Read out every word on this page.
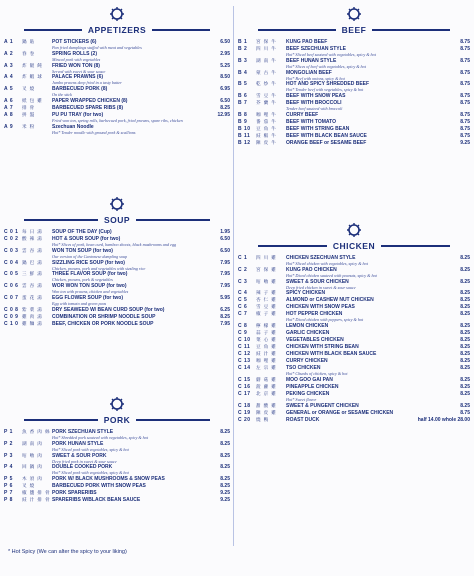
APPETIZERS
A 1	鍋 貼	POT STICKERS (6)	6.50
Pan fried dumplings stuffed with meat and vegetables
A 2	春 卷	SPRING ROLLS (2)	2.95
Minced pork with vegetables
A 3	炸 餛 飩	FRIED WON TON (8)	5.25
Served with sweet & sour sauce
A 4	炸 蝦 球	PALACE PRAWNS (6)	8.50
Jumbo prawns deep fried in a tasty batter
A 5	叉 燒	BARBECUED PORK (8)	6.95
On the stick
A 6	紙 包 雞	PAPER WRAPPED CHICKEN (8)	6.50
A 7	排 骨	BARBECUED SPARE RIBS (8)	8.25
A 8	拼 盤	PU PU TRAY (for two)	12.95
Fried won ton, spring rolls, barbecued pork, fried prawns, spare ribs, chicken
A 9	米 粉	Szechuan Noodle
Hot* Tender noodle with ground pork & scallions
SOUP
C 0 1 每 日 湯	SOUP OF THE DAY (Cup)	1.95
C 0 2 酸 辣 湯	HOT & SOUR SOUP (for two)	6.50
Hot* Slices of pork, bean curd, bamboo shoots, black mushrooms and egg
C 0 3 雲 吞 湯	WON TON SOUP (for two)	6.50
Our version of the Cantonese dumpling soup
C 0 4 鍋 巴 湯	SIZZLING RICE SOUP (for two)	7.95
Chicken, prawns, pork and vegetables with sizzling rice
C 0 5 三 鮮 湯	THREE FLAVOR SOUP (for two)	7.95
Chicken, prawns, pork & vegetables
C 0 6 雲 吞 湯	WOR WON TON SOUP (for two)	7.95
Won ton with prawns, chicken and vegetables
C 0 7 蛋 花 湯	EGG FLOWER SOUP (for two)	5.95
Egg with tomato and green peas
C 0 8 紫 菜 湯	DRY SEAWEED W/ BEAN CURD SOUP (for two)	6.25
C 0 9 雞 肉 湯	COMBINATION OR SHRIMP NOODLE SOUP	8.25
C 1 0 雞 麵 湯	BEEF, CHICKEN OR PORK NOODLE SOUP	7.95
PORK
P 1	魚 香 肉 絲 PORK SZECHUAN STYLE	8.25
Hot* Shredded pork sauteed with vegetables, spicy & hot
P 2	湖 南 肉	PORK HUNAN STYLE	8.25
Hot* Sliced pork with vegetables, spicy & hot
P 3	咕 嚕 肉	SWEET & SOUR PORK	8.25
Deep fried pork in sweet & sour sauce
P 4	回 鍋 肉	DOUBLE COOKED PORK	8.25
Hot* Sliced pork with vegetables, spicy & hot
P 5	木 須 肉	PORK W/ BLACK MUSHROOMS & SNOW PEAS	8.25
P 6	叉 燒	BARBECUED PORK WITH SNOW PEAS	8.25
P 7	椒 鹽 排 骨 PORK SPARERIBS	9.25
P 8	豉 汁 排 骨 SPARERIBS W/BLACK BEAN SAUCE	9.25
BEEF
B 1	宮 保 牛	KUNG PAO BEEF	8.75
B 2	四 川 牛	BEEF SZECHUAN STYLE	8.75
Hot* Sliced beef sauteed with vegetables, spicy & hot
B 3	湖 南 牛	BEEF HUNAN STYLE	8.75
Hot* Slices of beef with vegetables, spicy & hot
B 4	蒙 古 牛	MONGOLIAN BEEF	8.75
Hot* Beef with onions, spicy & hot
B 5	乾 炒 牛	HOT AND SPICY SHREDDED BEEF	8.75
Hot* Tender beef with vegetables, spicy & hot
B 6	雪 豆 牛	BEEF WITH SNOW PEAS	8.75
B 7	芥 蘭 牛	BEEF WITH BROCCOLI	8.75
Tender beef sauteed with broccoli
B 8	咖 哩 牛	CURRY BEEF	8.75
B 9	番 茄 牛	BEEF WITH TOMATO	8.75
B 10	豆 角 牛	BEEF WITH STRING BEAN	8.75
B 11	豉 椒 牛	BEEF WITH BLACK BEAN SAUCE	8.75
B 12	陳 皮 牛	ORANGE BEEF or SESAME BEEF	9.25
CHICKEN
C 1	四 川 雞	CHICKEN SZECHUAN STYLE	8.25
Hot* Sliced chicken with vegetables, spicy & hot
C 2	宮 保 雞	KUNG PAO CHICKEN	8.25
Hot* Diced chicken sauteed with peanuts, spicy & hot
C 3	咕 嚕 雞	SWEET & SOUR CHICKEN	8.25
Deep fried chicken in sweet & sour sauce
C 4	辣 子 雞	SPICY CHICKEN	8.25
C 5	杏 仁 雞	ALMOND or CASHEW NUT CHICKEN	8.25
C 6	雪 豆 雞	CHICKEN WITH SNOW PEAS	8.25
C 7	椒 子 雞	HOT PEPPER CHICKEN	8.25
Hot* Diced chicken with peppers, spicy & hot
C 8	檸 檬 雞	LEMON CHICKEN	8.25
C 9	蒜 子 雞	GARLIC CHICKEN	8.25
C 10	菜 心 雞	VEGETABLES CHICKEN	8.25
C 11	豆 角 雞	CHICKEN WITH STRING BEAN	8.25
C 12	豉 汁 雞	CHICKEN WITH BLACK BEAN SAUCE	8.25
C 13	咖 哩 雞	CURRY CHICKEN	8.25
C 14	左 宗 雞	TSO CHICKEN	8.25
Hot* Chunks of chicken, spicy & hot
C 15	蘑 菇 雞	MOO GOO GAI PAN	8.25
C 16	菠 蘿 雞	PINEAPPLE CHICKEN	8.25
C 17	北 京 雞	PEKING CHICKEN	8.25
Hot* Sweet flavor
C 18	甜 酸 雞	SWEET & PUNGENT CHICKEN	8.25
C 19	陳 皮 雞	GENERAL or ORANGE or SESAME CHICKEN	8.75
C 20	燒 鴨	ROAST DUCK	half 14.00 whole 28.00
* Hot Spicy (We can alter the spicy to your liking)
